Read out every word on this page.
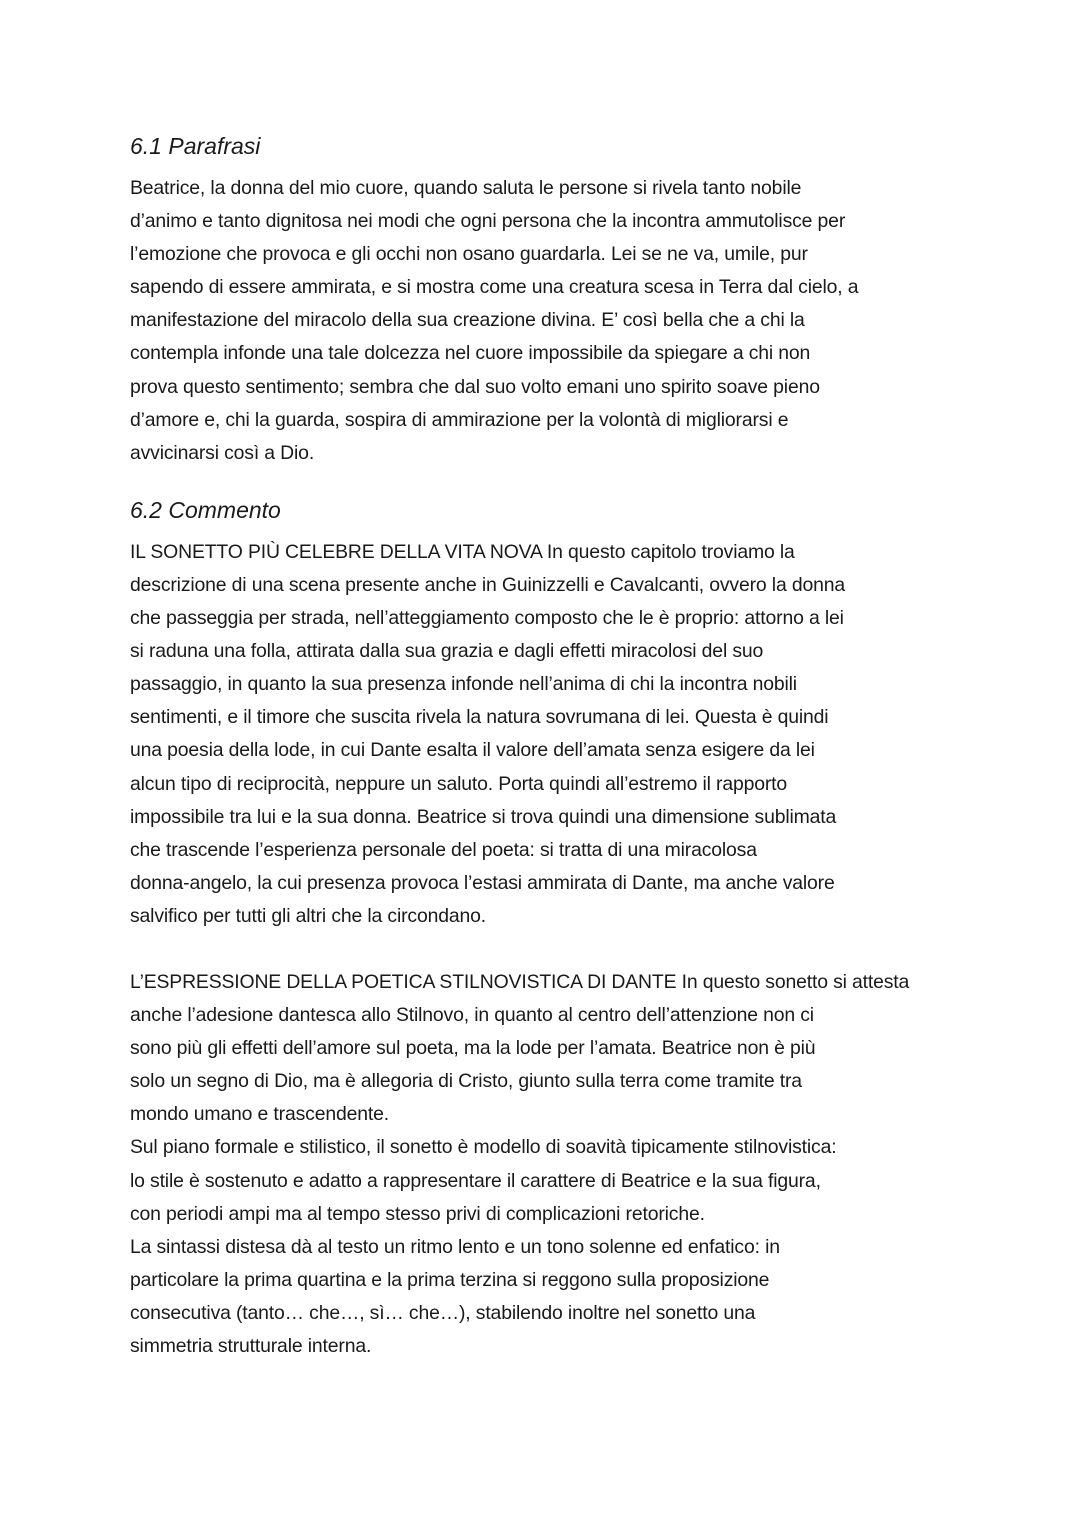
6.1 Parafrasi
Beatrice, la donna del mio cuore, quando saluta le persone si rivela tanto nobile
d’animo e tanto dignitosa nei modi che ogni persona che la incontra ammutolisce per
l’emozione che provoca e gli occhi non osano guardarla. Lei se ne va, umile, pur
sapendo di essere ammirata, e si mostra come una creatura scesa in Terra dal cielo, a
manifestazione del miracolo della sua creazione divina. E’ così bella che a chi la
contempla infonde una tale dolcezza nel cuore impossibile da spiegare a chi non
prova questo sentimento; sembra che dal suo volto emani uno spirito soave pieno
d’amore e, chi la guarda, sospira di ammirazione per la volontà di migliorarsi e
avvicinarsi così a Dio.
6.2 Commento
IL SONETTO PIÙ CELEBRE DELLA VITA NOVA In questo capitolo troviamo la
descrizione di una scena presente anche in Guinizzelli e Cavalcanti, ovvero la donna
che passeggia per strada, nell’atteggiamento composto che le è proprio: attorno a lei
si raduna una folla, attirata dalla sua grazia e dagli effetti miracolosi del suo
passaggio, in quanto la sua presenza infonde nell’anima di chi la incontra nobili
sentimenti, e il timore che suscita rivela la natura sovrumana di lei. Questa è quindi
una poesia della lode, in cui Dante esalta il valore dell’amata senza esigere da lei
alcun tipo di reciprocità, neppure un saluto. Porta quindi all’estremo il rapporto
impossibile tra lui e la sua donna. Beatrice si trova quindi una dimensione sublimata
che trascende l’esperienza personale del poeta: si tratta di una miracolosa
donna-angelo, la cui presenza provoca l’estasi ammirata di Dante, ma anche valore
salvifico per tutti gli altri che la circondano.
L’ESPRESSIONE DELLA POETICA STILNOVISTICA DI DANTE In questo sonetto si attesta
anche l’adesione dantesca allo Stilnovo, in quanto al centro dell’attenzione non ci
sono più gli effetti dell’amore sul poeta, ma la lode per l’amata. Beatrice non è più
solo un segno di Dio, ma è allegoria di Cristo, giunto sulla terra come tramite tra
mondo umano e trascendente.
Sul piano formale e stilistico, il sonetto è modello di soavità tipicamente stilnovistica:
lo stile è sostenuto e adatto a rappresentare il carattere di Beatrice e la sua figura,
con periodi ampi ma al tempo stesso privi di complicazioni retoriche.
La sintassi distesa dà al testo un ritmo lento e un tono solenne ed enfatico: in
particolare la prima quartina e la prima terzina si reggono sulla proposizione
consecutiva (tanto… che…, sì… che…), stabilendo inoltre nel sonetto una
simmetria strutturale interna.
